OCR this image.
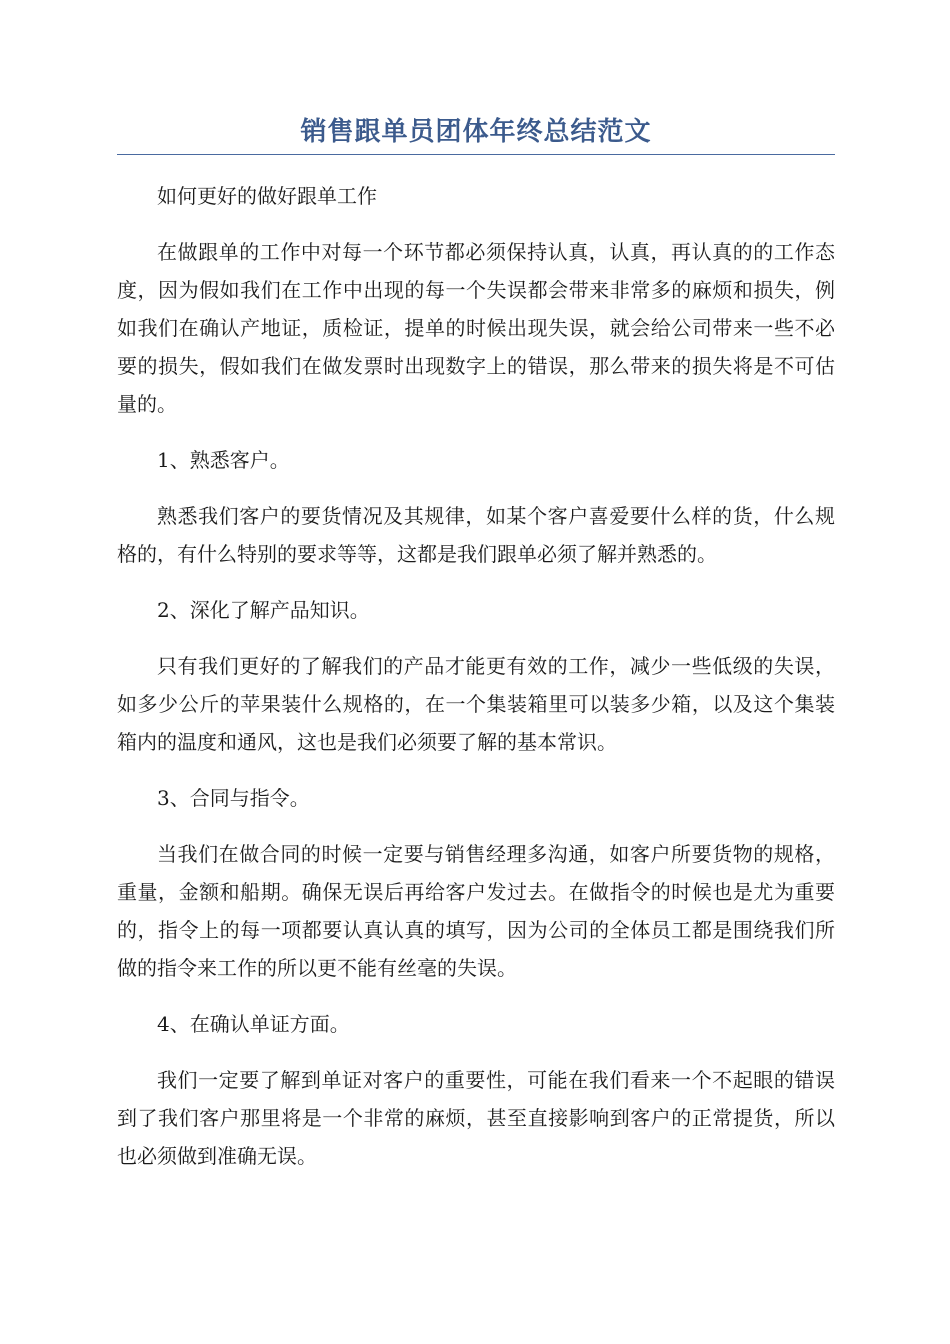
销售跟单员团体年终总结范文

如何更好的做好跟单工作

在做跟单的工作中对每一个环节都必须保持认真，认真，再认真的的工作态度，因为假如我们在工作中出现的每一个失误都会带来非常多的麻烦和损失，例如我们在确认产地证，质检证，提单的时候出现失误，就会给公司带来一些不必要的损失，假如我们在做发票时出现数字上的错误，那么带来的损失将是不可估量的。

1、熟悉客户。

熟悉我们客户的要货情况及其规律，如某个客户喜爱要什么样的货，什么规格的，有什么特别的要求等等，这都是我们跟单必须了解并熟悉的。

2、深化了解产品知识。

只有我们更好的了解我们的产品才能更有效的工作，减少一些低级的失误，如多少公斤的苹果装什么规格的，在一个集装箱里可以装多少箱，以及这个集装箱内的温度和通风，这也是我们必须要了解的基本常识。

3、合同与指令。

当我们在做合同的时候一定要与销售经理多沟通，如客户所要货物的规格，重量，金额和船期。确保无误后再给客户发过去。在做指令的时候也是尤为重要的，指令上的每一项都要认真认真的填写，因为公司的全体员工都是围绕我们所做的指令来工作的所以更不能有丝毫的失误。

4、在确认单证方面。

我们一定要了解到单证对客户的重要性，可能在我们看来一个不起眼的错误到了我们客户那里将是一个非常的麻烦，甚至直接影响到客户的正常提货，所以也必须做到准确无误。
